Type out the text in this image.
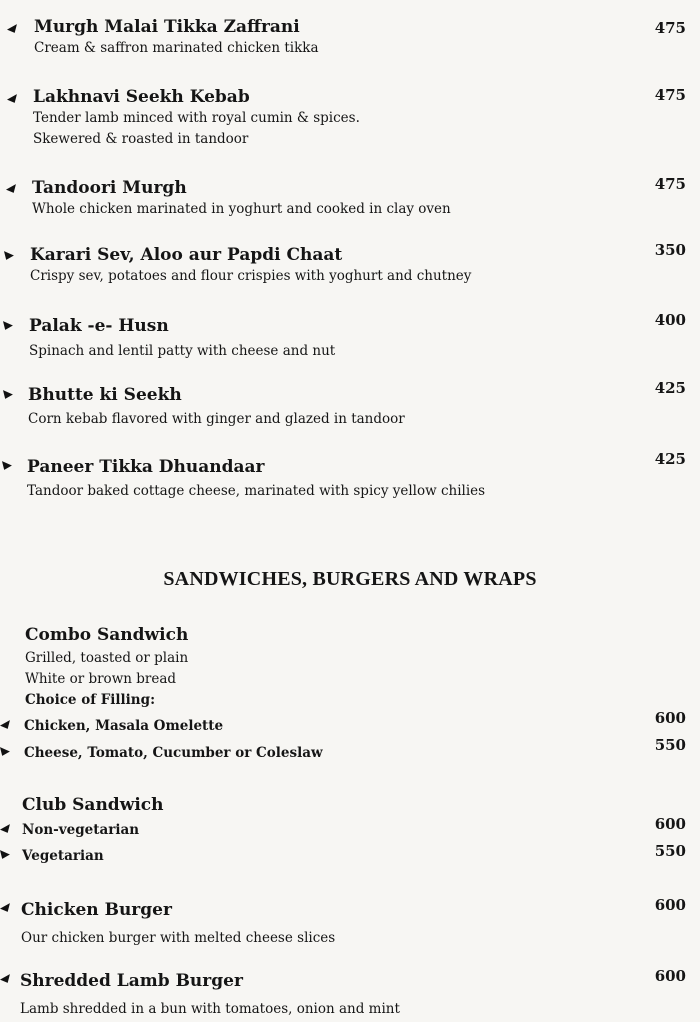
Murgh Malai Tikka Zaffrani	475
Cream & saffron marinated chicken tikka
Lakhnavi Seekh Kebab	475
Tender lamb minced with royal cumin & spices.
Skewered & roasted in tandoor
Tandoori Murgh	475
Whole chicken marinated in yoghurt and cooked in clay oven
Karari Sev, Aloo aur Papdi Chaat	350
Crispy sev, potatoes and flour crispies with yoghurt and chutney
Palak -e- Husn	400
Spinach and lentil patty with cheese and nut
Bhutte ki Seekh	425
Corn kebab flavored with ginger and glazed in tandoor
Paneer Tikka Dhuandaar	425
Tandoor baked cottage cheese, marinated with spicy yellow chilies
SANDWICHES, BURGERS AND WRAPS
Combo Sandwich
Grilled, toasted or plain
White or brown bread
Choice of Filling:
Chicken, Masala Omelette	600
Cheese, Tomato, Cucumber or Coleslaw	550
Club Sandwich
Non-vegetarian	600
Vegetarian	550
Chicken Burger	600
Our chicken burger with melted cheese slices
Shredded Lamb Burger	600
Lamb shredded in a bun with tomatoes, onion and mint
